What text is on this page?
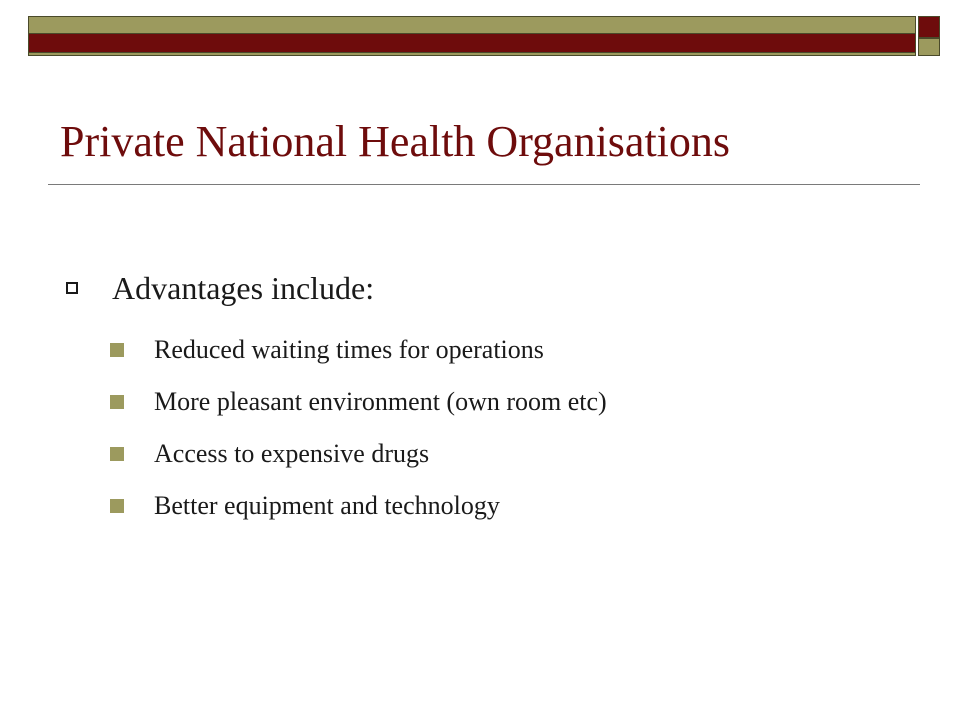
Private National Health Organisations
Advantages include:
Reduced waiting times for operations
More pleasant environment (own room etc)
Access to expensive drugs
Better equipment and technology
